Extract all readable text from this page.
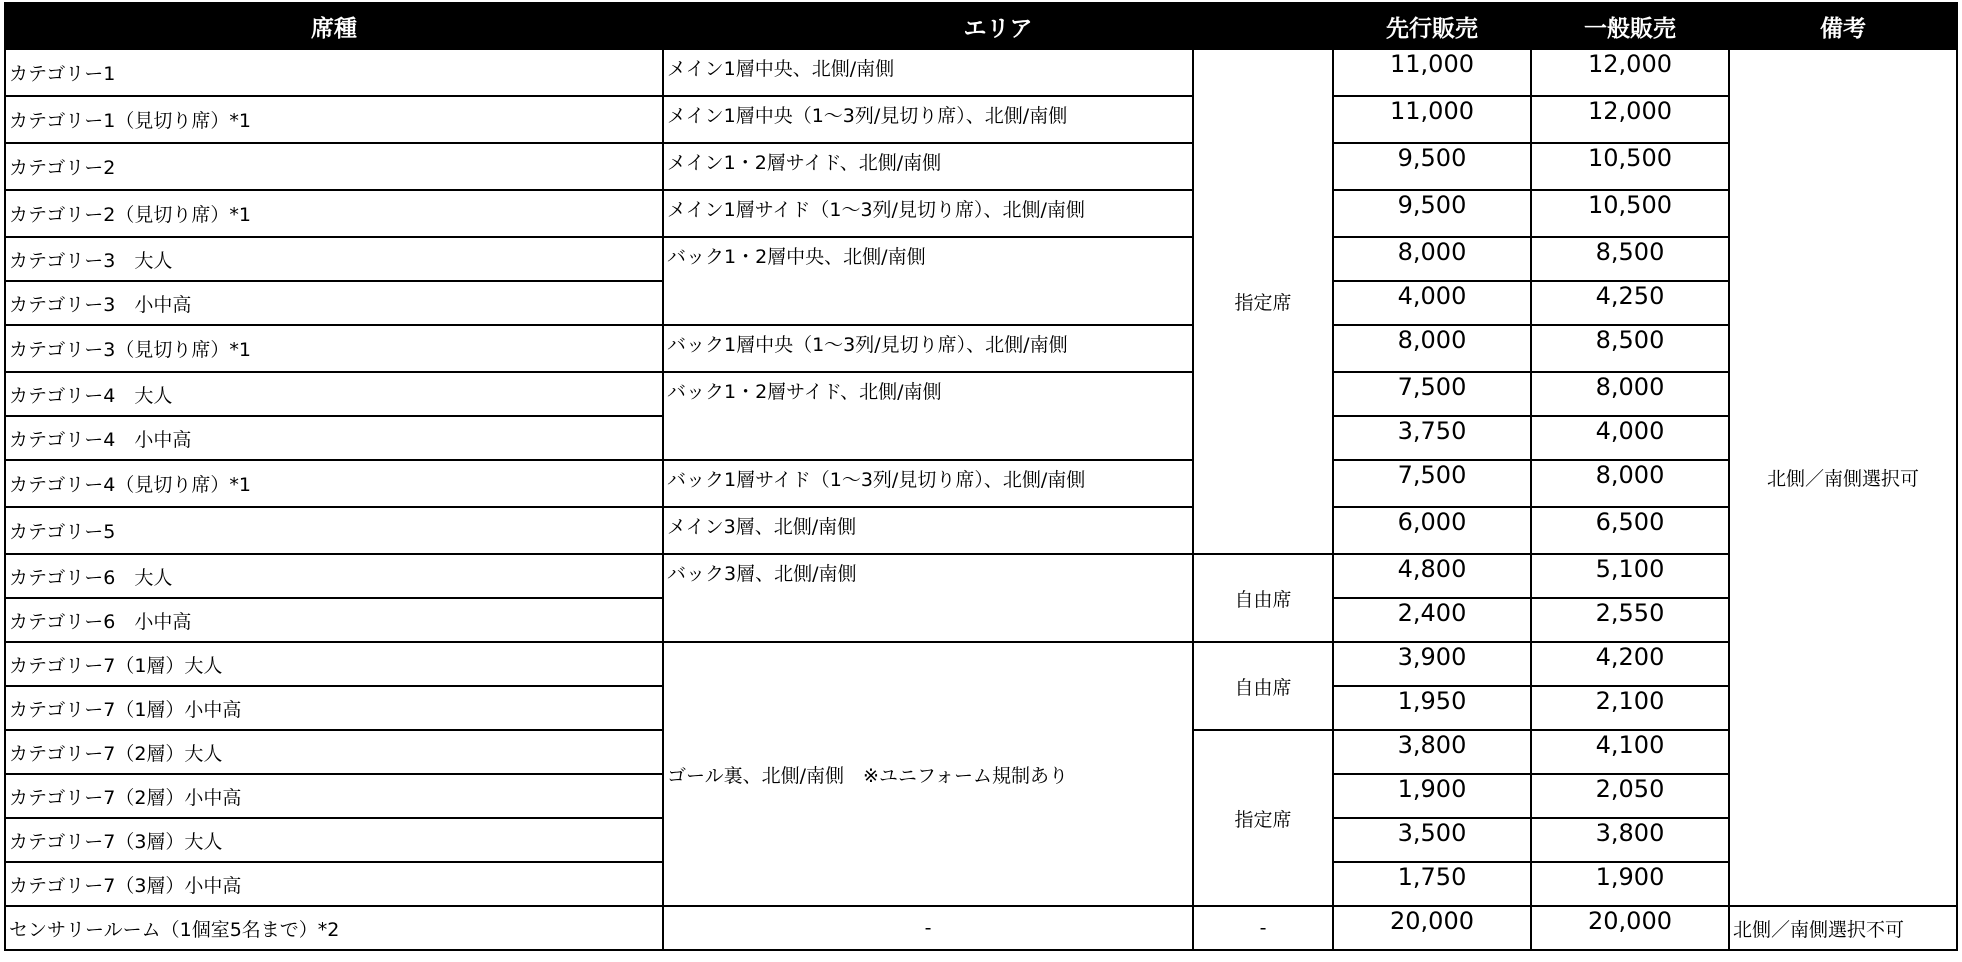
席種	エリア		先行販売	一般販売	備考
カテゴリー1	メイン1層中央、北側/南側	指定席	11,000	12,000	北側／南側選択可
カテゴリー1（見切り席）*1	メイン1層中央（1〜3列/見切り席）、北側/南側		11,000	12,000	
カテゴリー2	メイン1・2層サイド、北側/南側		9,500	10,500	
カテゴリー2（見切り席）*1	メイン1層サイド（1〜3列/見切り席）、北側/南側		9,500	10,500	
カテゴリー3　大人	バック1・2層中央、北側/南側		8,000	8,500	
カテゴリー3　小中高			4,000	4,250	
カテゴリー3（見切り席）*1	バック1層中央（1〜3列/見切り席）、北側/南側		8,000	8,500	
カテゴリー4　大人	バック1・2層サイド、北側/南側		7,500	8,000	
カテゴリー4　小中高			3,750	4,000	
カテゴリー4（見切り席）*1	バック1層サイド（1〜3列/見切り席）、北側/南側		7,500	8,000	
カテゴリー5	メイン3層、北側/南側		6,000	6,500	
カテゴリー6　大人	バック3層、北側/南側	自由席	4,800	5,100	
カテゴリー6　小中高			2,400	2,550	
カテゴリー7（1層）大人	ゴール裏、北側/南側　※ユニフォーム規制あり	自由席	3,900	4,200	
カテゴリー7（1層）小中高			1,950	2,100	
カテゴリー7（2層）大人		指定席	3,800	4,100	
カテゴリー7（2層）小中高			1,900	2,050	
カテゴリー7（3層）大人			3,500	3,800	
カテゴリー7（3層）小中高			1,750	1,900	
センサリールーム（1個室5名まで）*2	-	-	20,000	20,000	北側／南側選択不可
